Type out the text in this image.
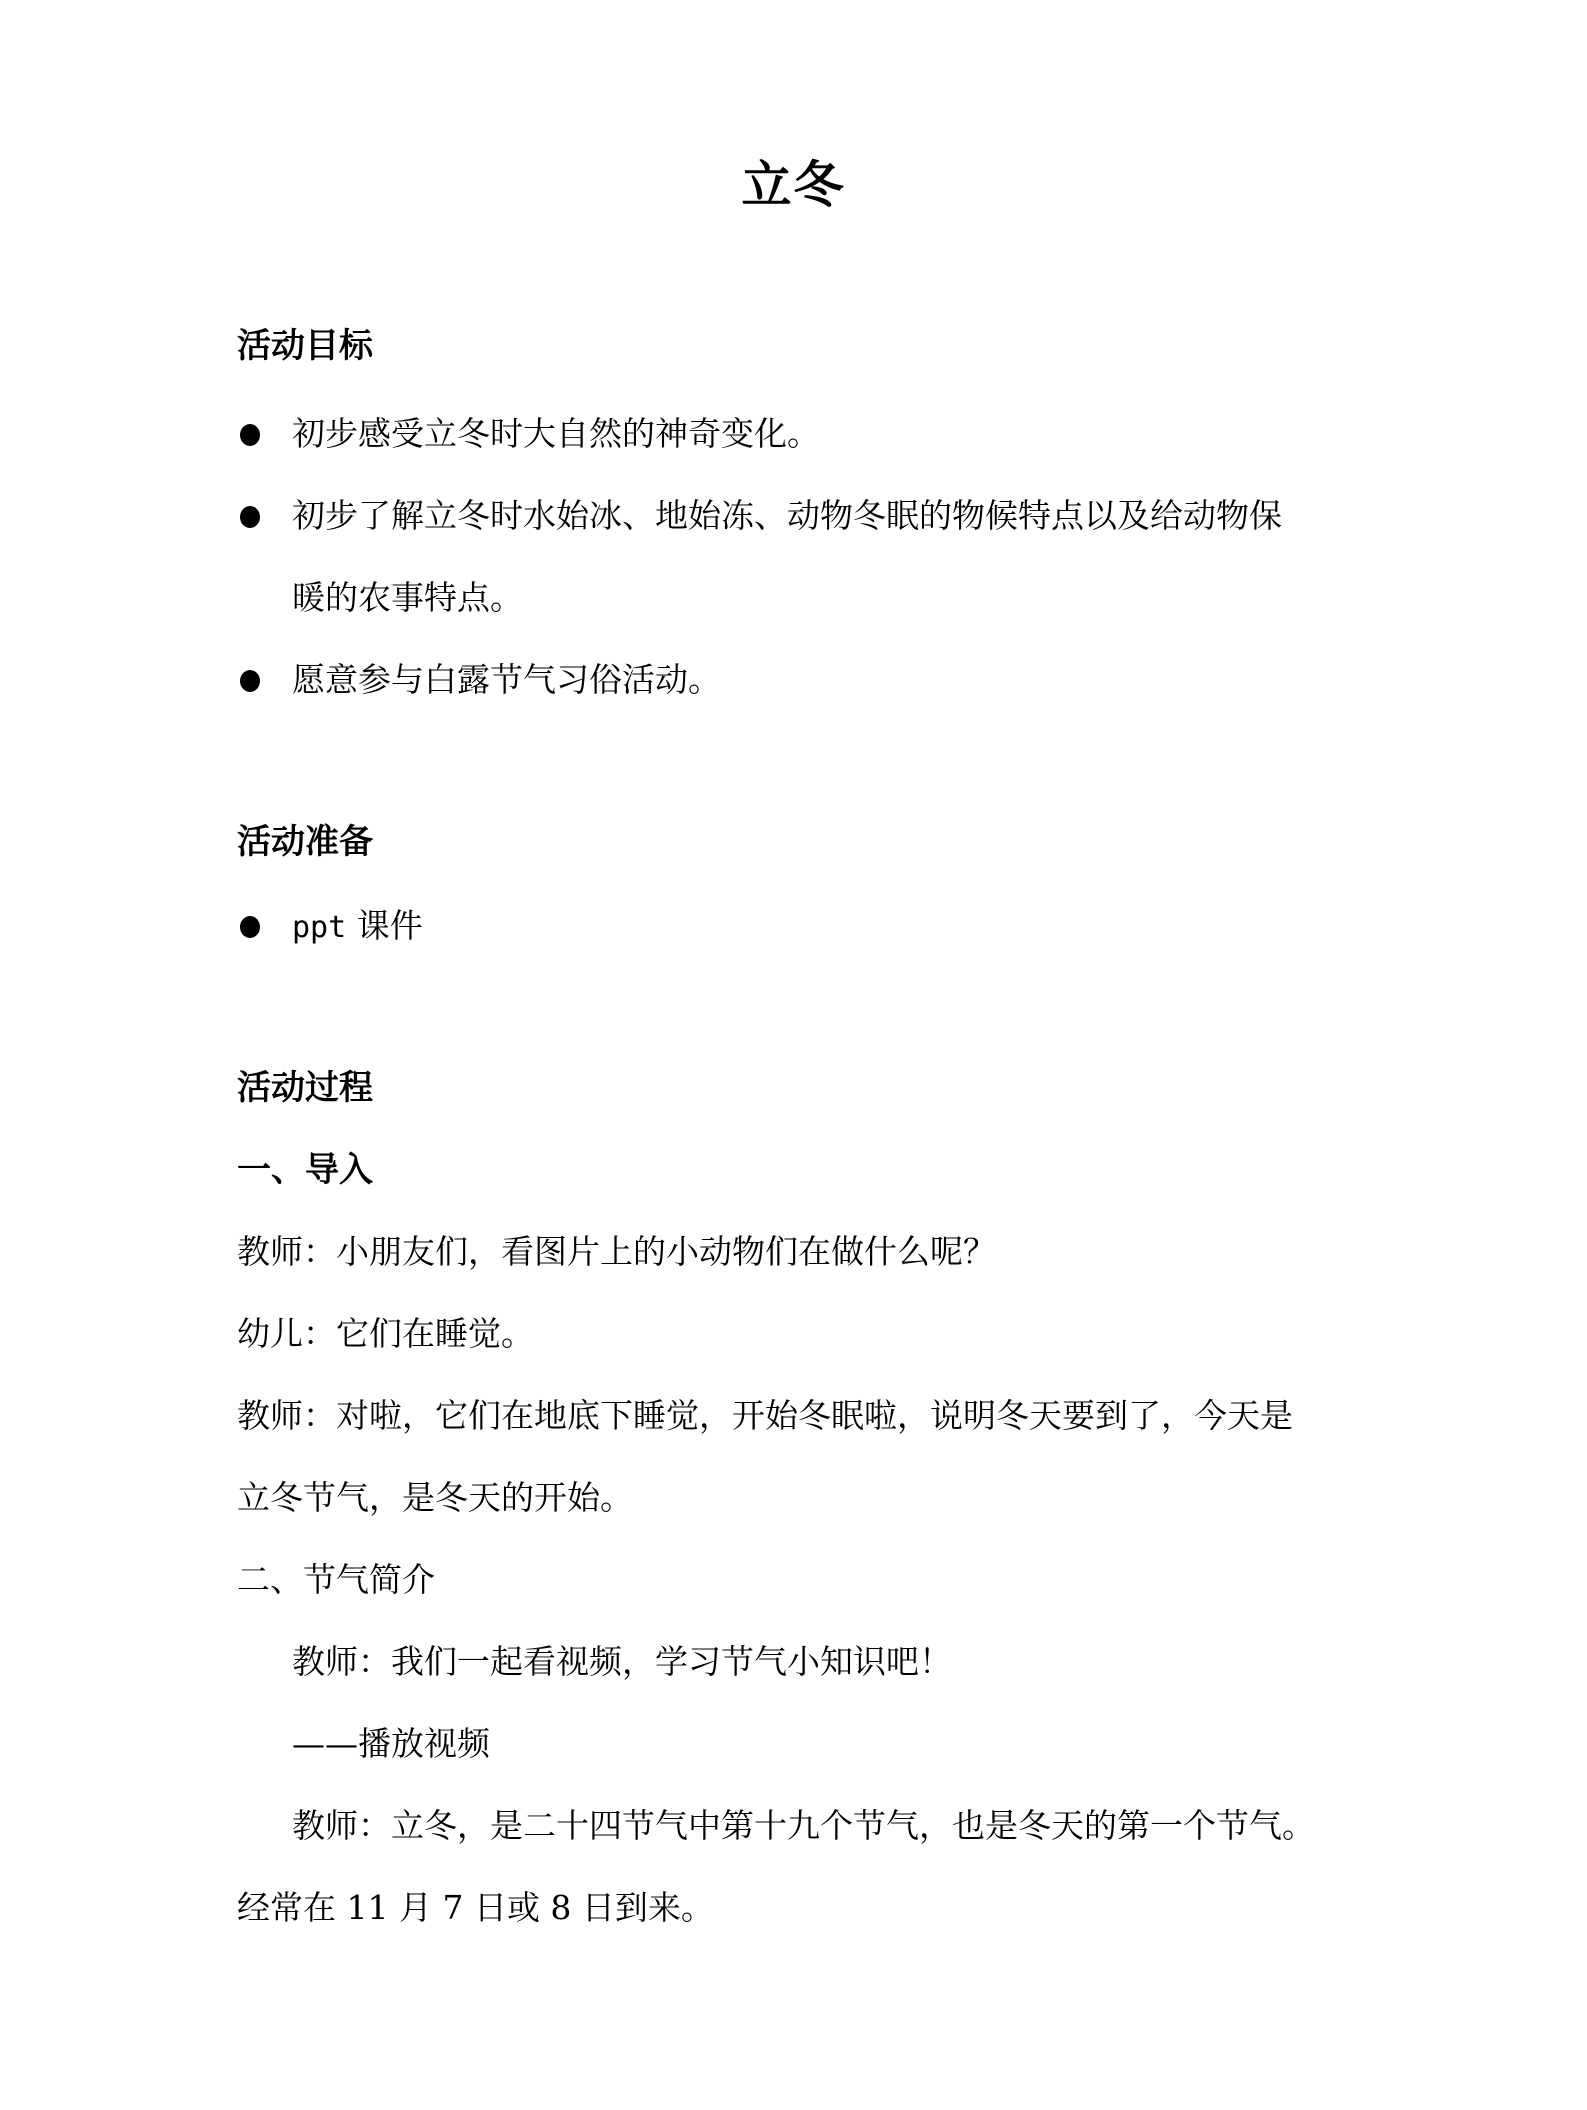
立冬
活动目标
初步感受立冬时大自然的神奇变化。
初步了解立冬时水始冰、地始冻、动物冬眠的物候特点以及给动物保
暖的农事特点。
愿意参与白露节气习俗活动。
活动准备
ppt 课件
活动过程
一、导入
教师：小朋友们，看图片上的小动物们在做什么呢？
幼儿：它们在睡觉。
教师：对啦，它们在地底下睡觉，开始冬眠啦，说明冬天要到了，今天是
立冬节气，是冬天的开始。
二、节气简介
教师：我们一起看视频，学习节气小知识吧！
——播放视频
教师：立冬，是二十四节气中第十九个节气，也是冬天的第一个节气。
经常在 11 月 7 日或 8 日到来。
